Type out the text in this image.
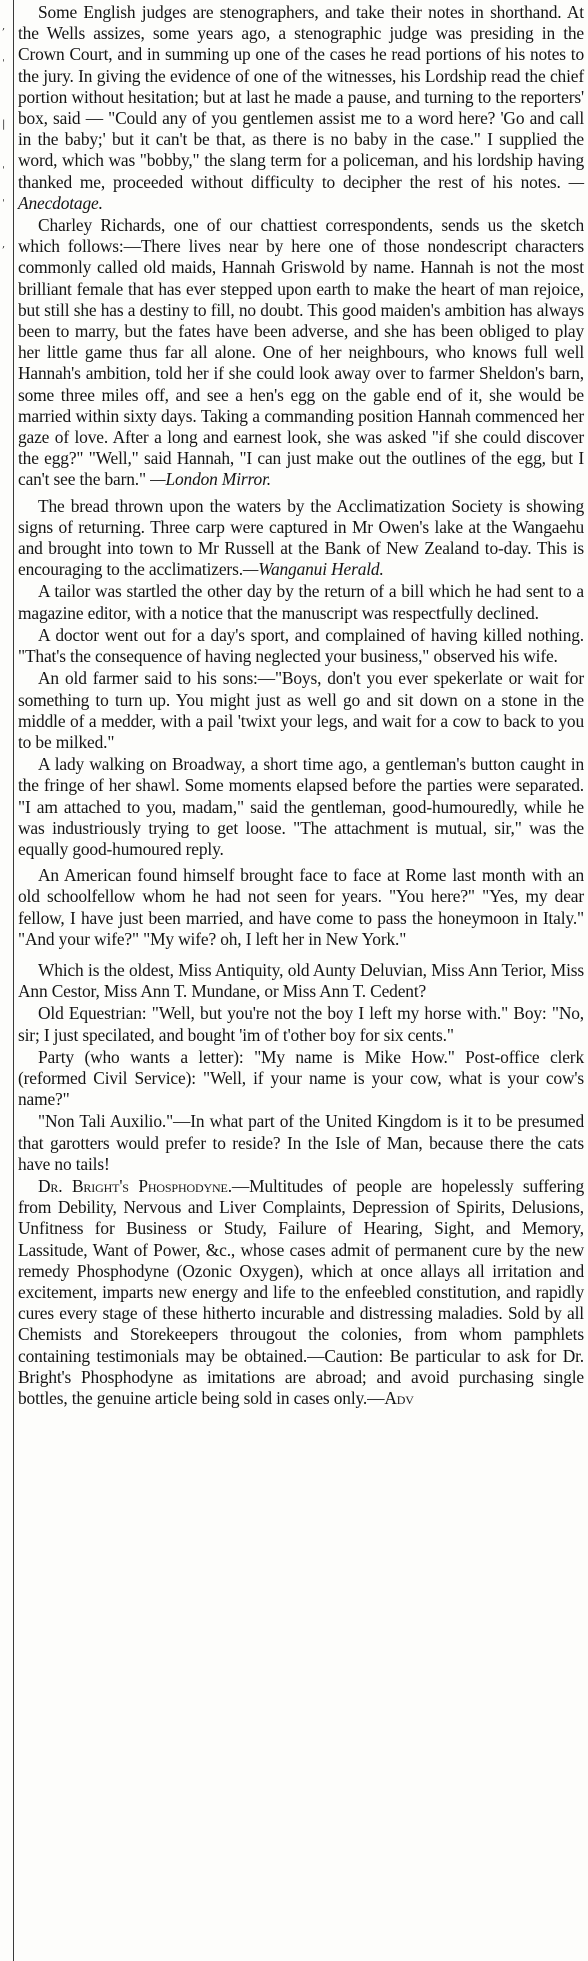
,
ˈ
|
ˌ
ˈ
,

Some English judges are stenographers, and take their notes in shorthand. At the Wells assizes, some years ago, a stenographic judge was presiding in the Crown Court, and in summing up one of the cases he read portions of his notes to the jury. In giving the evidence of one of the witnesses, his Lordship read the chief portion without hesitation; but at last he made a pause, and turning to the reporters' box, said — "Could any of you gentlemen assist me to a word here? 'Go and call in the baby;' but it can't be that, as there is no baby in the case." I supplied the word, which was "bobby," the slang term for a policeman, and his lordship having thanked me, proceeded without difficulty to decipher the rest of his notes. —Anecdotage.

Charley Richards, one of our chattiest correspondents, sends us the sketch which follows:—There lives near by here one of those nondescript characters commonly called old maids, Hannah Griswold by name. Hannah is not the most brilliant female that has ever stepped upon earth to make the heart of man rejoice, but still she has a destiny to fill, no doubt. This good maiden's ambition has always been to marry, but the fates have been adverse, and she has been obliged to play her little game thus far all alone. One of her neighbours, who knows full well Hannah's ambition, told her if she could look away over to farmer Sheldon's barn, some three miles off, and see a hen's egg on the gable end of it, she would be married within sixty days. Taking a commanding position Hannah commenced her gaze of love. After a long and earnest look, she was asked "if she could discover the egg?" "Well," said Hannah, "I can just make out the outlines of the egg, but I can't see the barn." —London Mirror.

The bread thrown upon the waters by the Acclimatization Society is showing signs of returning. Three carp were captured in Mr Owen's lake at the Wangaehu and brought into town to Mr Russell at the Bank of New Zealand to-day. This is encouraging to the acclimatizers.—Wanganui Herald.

A tailor was startled the other day by the return of a bill which he had sent to a magazine editor, with a notice that the manuscript was respectfully declined.

A doctor went out for a day's sport, and complained of having killed nothing. "That's the consequence of having neglected your business," observed his wife.

An old farmer said to his sons:—"Boys, don't you ever spekerlate or wait for something to turn up. You might just as well go and sit down on a stone in the middle of a medder, with a pail 'twixt your legs, and wait for a cow to back to you to be milked."

A lady walking on Broadway, a short time ago, a gentleman's button caught in the fringe of her shawl. Some moments elapsed before the parties were separated. "I am attached to you, madam," said the gentleman, good-humouredly, while he was industriously trying to get loose. "The attachment is mutual, sir," was the equally good-humoured reply.

An American found himself brought face to face at Rome last month with an old schoolfellow whom he had not seen for years. "You here?" "Yes, my dear fellow, I have just been married, and have come to pass the honeymoon in Italy." "And your wife?" "My wife? oh, I left her in New York."

Which is the oldest, Miss Antiquity, old Aunty Deluvian, Miss Ann Terior, Miss Ann Cestor, Miss Ann T. Mundane, or Miss Ann T. Cedent?

Old Equestrian: "Well, but you're not the boy I left my horse with." Boy: "No, sir; I just specilated, and bought 'im of t'other boy for six cents."

Party (who wants a letter): "My name is Mike How." Post-office clerk (reformed Civil Service): "Well, if your name is your cow, what is your cow's name?"

"Non Tali Auxilio."—In what part of the United Kingdom is it to be presumed that garotters would prefer to reside? In the Isle of Man, because there the cats have no tails!

Dr. Bright's Phosphodyne.—Multitudes of people are hopelessly suffering from Debility, Nervous and Liver Complaints, Depression of Spirits, Delusions, Unfitness for Business or Study, Failure of Hearing, Sight, and Memory, Lassitude, Want of Power, &c., whose cases admit of permanent cure by the new remedy Phosphodyne (Ozonic Oxygen), which at once allays all irritation and excitement, imparts new energy and life to the enfeebled constitution, and rapidly cures every stage of these hitherto incurable and distressing maladies. Sold by all Chemists and Storekeepers througout the colonies, from whom pamphlets containing testimonials may be obtained.—Caution: Be particular to ask for Dr. Bright's Phosphodyne as imitations are abroad; and avoid purchasing single bottles, the genuine article being sold in cases only.—Adv
